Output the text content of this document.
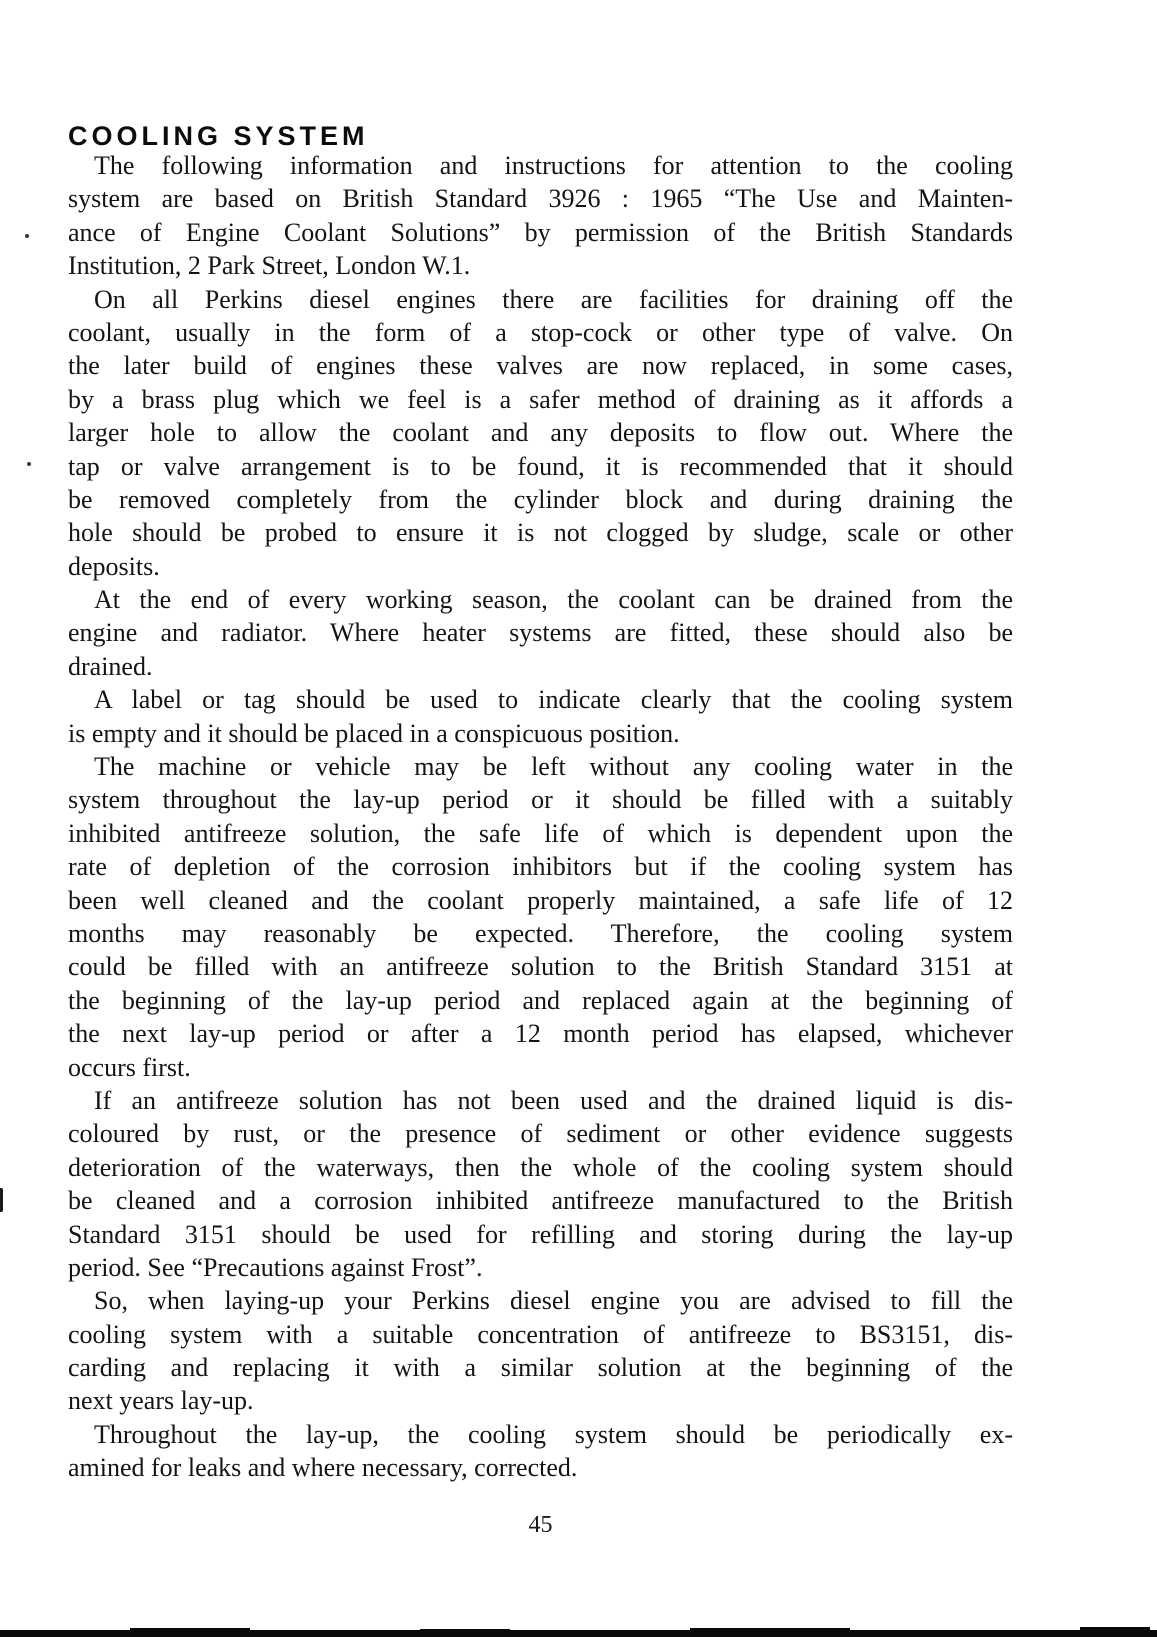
COOLING SYSTEM
The following information and instructions for attention to the cooling
system are based on British Standard 3926 : 1965 “The Use and Mainten-
ance of Engine Coolant Solutions” by permission of the British Standards
Institution, 2 Park Street, London W.1.
On all Perkins diesel engines there are facilities for draining off the
coolant, usually in the form of a stop-cock or other type of valve. On
the later build of engines these valves are now replaced, in some cases,
by a brass plug which we feel is a safer method of draining as it affords a
larger hole to allow the coolant and any deposits to flow out. Where the
tap or valve arrangement is to be found, it is recommended that it should
be removed completely from the cylinder block and during draining the
hole should be probed to ensure it is not clogged by sludge, scale or other
deposits.
At the end of every working season, the coolant can be drained from the
engine and radiator. Where heater systems are fitted, these should also be
drained.
A label or tag should be used to indicate clearly that the cooling system
is empty and it should be placed in a conspicuous position.
The machine or vehicle may be left without any cooling water in the
system throughout the lay-up period or it should be filled with a suitably
inhibited antifreeze solution, the safe life of which is dependent upon the
rate of depletion of the corrosion inhibitors but if the cooling system has
been well cleaned and the coolant properly maintained, a safe life of 12
months may reasonably be expected. Therefore, the cooling system
could be filled with an antifreeze solution to the British Standard 3151 at
the beginning of the lay-up period and replaced again at the beginning of
the next lay-up period or after a 12 month period has elapsed, whichever
occurs first.
If an antifreeze solution has not been used and the drained liquid is dis-
coloured by rust, or the presence of sediment or other evidence suggests
deterioration of the waterways, then the whole of the cooling system should
be cleaned and a corrosion inhibited antifreeze manufactured to the British
Standard 3151 should be used for refilling and storing during the lay-up
period. See “Precautions against Frost”.
So, when laying-up your Perkins diesel engine you are advised to fill the
cooling system with a suitable concentration of antifreeze to BS3151, dis-
carding and replacing it with a similar solution at the beginning of the
next years lay-up.
Throughout the lay-up, the cooling system should be periodically ex-
amined for leaks and where necessary, corrected.
45
